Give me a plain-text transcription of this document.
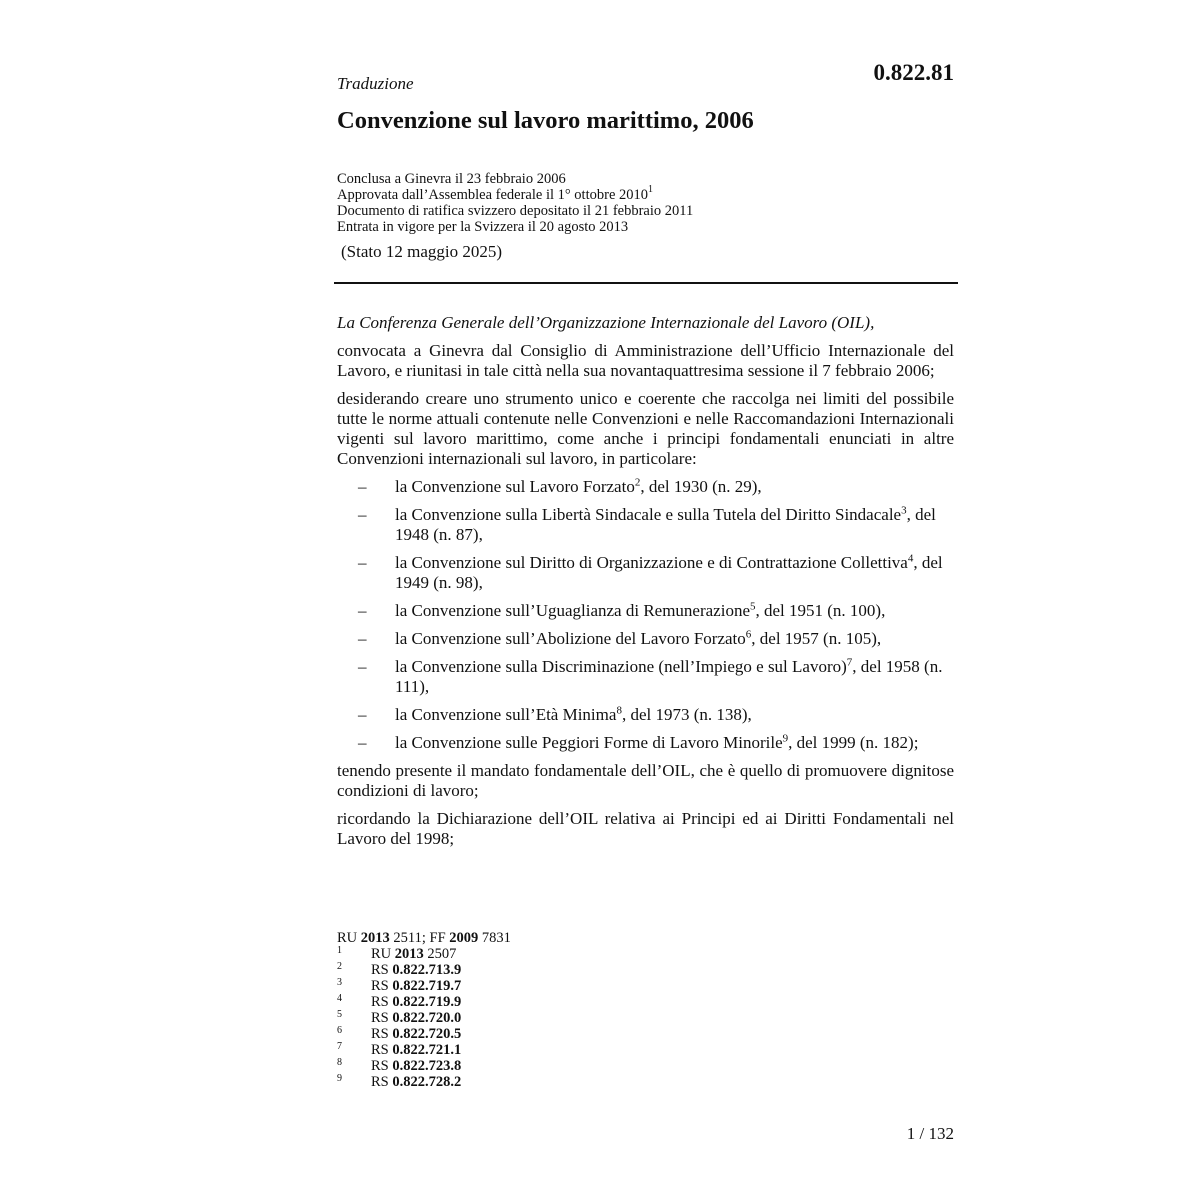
Traduzione	0.822.81
Convenzione sul lavoro marittimo, 2006
Conclusa a Ginevra il 23 febbraio 2006
Approvata dall’Assemblea federale il 1° ottobre 2010$^1$
Documento di ratifica svizzero depositato il 21 febbraio 2011
Entrata in vigore per la Svizzera il 20 agosto 2013
(Stato 12 maggio 2025)
La Conferenza Generale dell’Organizzazione Internazionale del Lavoro (OIL),

convocata a Ginevra dal Consiglio di Amministrazione dell’Ufficio Internazionale del Lavoro, e riunitasi in tale città nella sua novantaquattresima sessione il 7 febbraio 2006;

desiderando creare uno strumento unico e coerente che raccolga nei limiti del possibile tutte le norme attuali contenute nelle Convenzioni e nelle Raccomandazioni Internazionali vigenti sul lavoro marittimo, come anche i principi fondamentali enunciati in altre Convenzioni internazionali sul lavoro, in particolare:

– la Convenzione sul Lavoro Forzato$^2$, del 1930 (n. 29),
– la Convenzione sulla Libertà Sindacale e sulla Tutela del Diritto Sindacale$^3$, del 1948 (n. 87),
– la Convenzione sul Diritto di Organizzazione e di Contrattazione Collettiva$^4$, del 1949 (n. 98),
– la Convenzione sull’Uguaglianza di Remunerazione$^5$, del 1951 (n. 100),
– la Convenzione sull’Abolizione del Lavoro Forzato$^6$, del 1957 (n. 105),
– la Convenzione sulla Discriminazione (nell’Impiego e sul Lavoro)$^7$, del 1958 (n. 111),
– la Convenzione sull’Età Minima$^8$, del 1973 (n. 138),
– la Convenzione sulle Peggiori Forme di Lavoro Minorile$^9$, del 1999 (n. 182);

tenendo presente il mandato fondamentale dell’OIL, che è quello di promuovere dignitose condizioni di lavoro;

ricordando la Dichiarazione dell’OIL relativa ai Principi ed ai Diritti Fondamentali nel Lavoro del 1998;

RU 2013 2511; FF 2009 7831
1 RU 2013 2507
2 RS 0.822.713.9
3 RS 0.822.719.7
4 RS 0.822.719.9
5 RS 0.822.720.0
6 RS 0.822.720.5
7 RS 0.822.721.1
8 RS 0.822.723.8
9 RS 0.822.728.2
1 / 132
